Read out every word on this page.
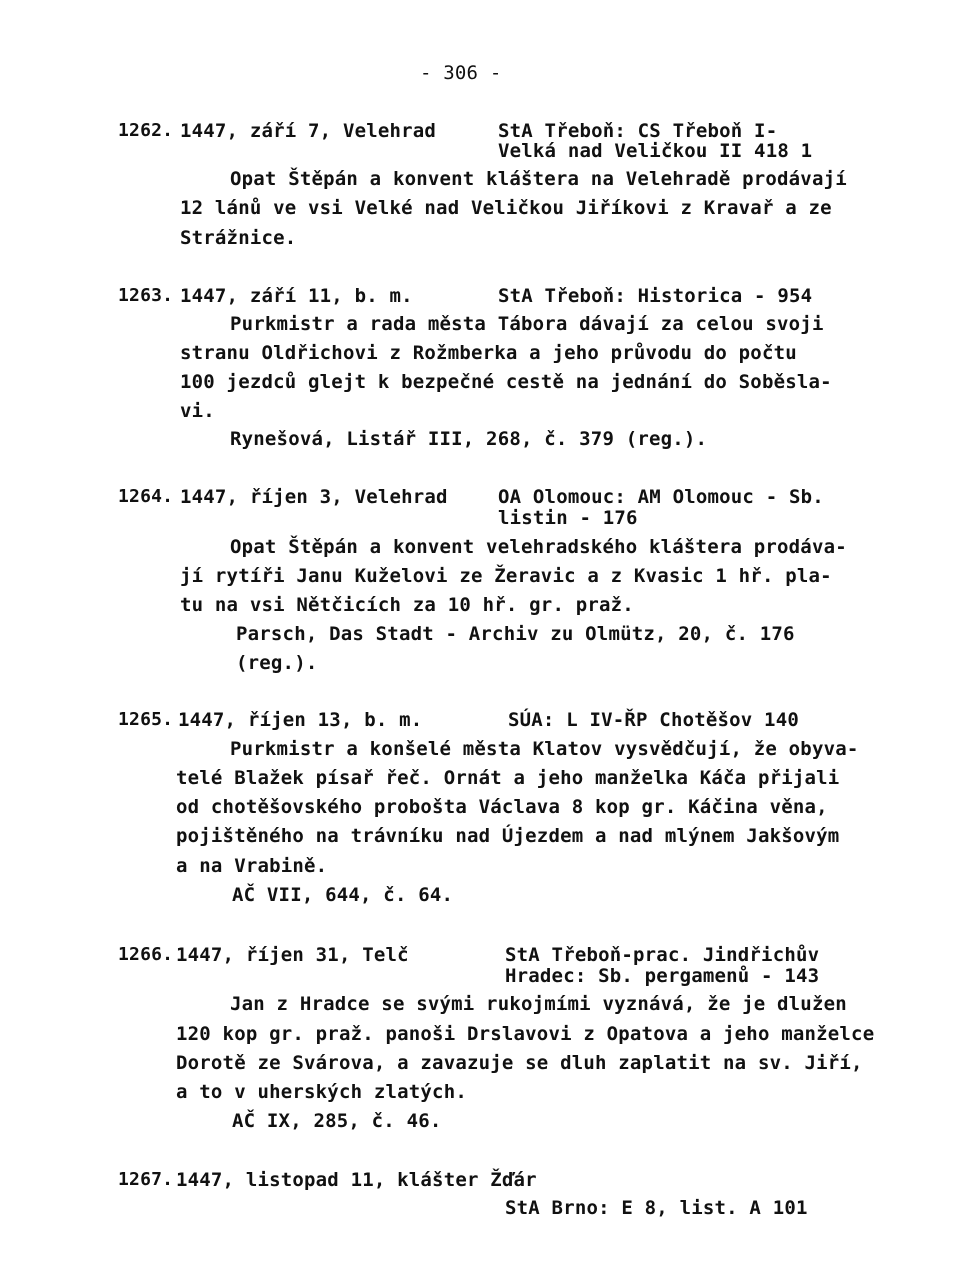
- 306 -
1262. 1447, září 7, Velehrad	StA Třeboň: CS Třeboň I-
Velká nad Veličkou II 418 1
Opat Štěpán a konvent kláštera na Velehradě prodávají
12 lánů ve vsi Velké nad Veličkou Jiříkovi z Kravař a ze
Strážnice.
1263. 1447, září 11, b. m.	StA Třeboň: Historica - 954
Purkmistr a rada města Tábora dávají za celou svoji
stranu Oldřichovi z Rožmberka a jeho průvodu do počtu
100 jezdců glejt k bezpečné cestě na jednání do Soběsla-
vi.
Rynešová, Listář III, 268, č. 379 (reg.).
1264. 1447, říjen 3, Velehrad	OA Olomouc: AM Olomouc - Sb.
listin - 176
Opat Štěpán a konvent velehradského kláštera prodáva-
jí rytíři Janu Kuželovi ze Žeravic a z Kvasic 1 hř. pla-
tu na vsi Nětčicích za 10 hř. gr. praž.
Parsch, Das Stadt - Archiv zu Olmütz, 20, č. 176
(reg.).
1265. 1447, říjen 13, b. m.	SÚA: L IV-ŘP Chotěšov 140
Purkmistr a konšelé města Klatov vysvědčují, že obyva-
telé Blažek písař řeč. Ornát a jeho manželka Káča přijali
od chotěšovského probošta Václava 8 kop gr. Káčina věna,
pojištěného na trávníku nad Újezdem a nad mlýnem Jakšovým
a na Vrabině.
AČ VII, 644, č. 64.
1266. 1447, říjen 31, Telč	StA Třeboň-prac. Jindřichův
Hradec: Sb. pergamenů - 143
Jan z Hradce se svými rukojmími vyznává, že je dlužen
120 kop gr. praž. panoši Drslavovi z Opatova a jeho manželce
Dorotě ze Svárova, a zavazuje se dluh zaplatit na sv. Jiří,
a to v uherských zlatých.
AČ IX, 285, č. 46.
1267. 1447, listopad 11, klášter Žďár
StA Brno: E 8, list. A 101
